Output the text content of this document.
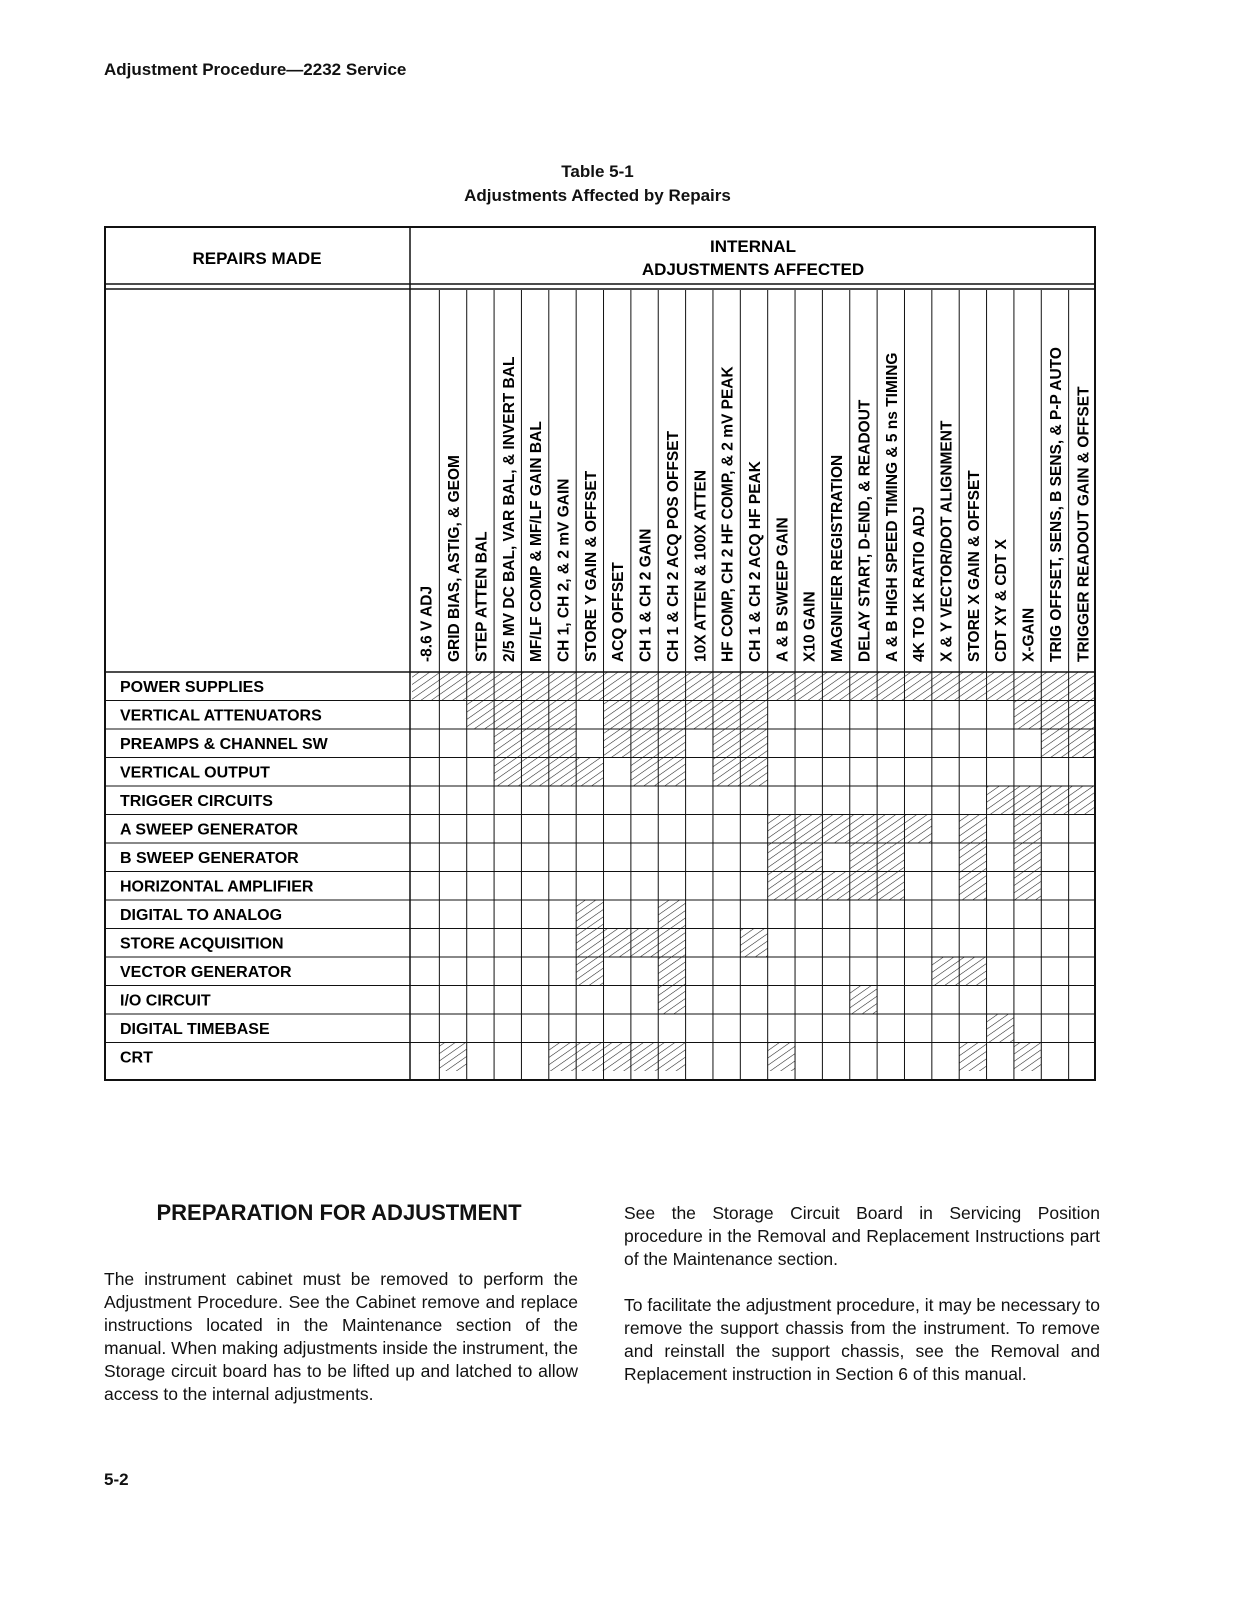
Adjustment Procedure—2232 Service
Table 5-1
Adjustments Affected by Repairs
REPAIRS MADE
INTERNAL
ADJUSTMENTS AFFECTED
-8.6 V ADJ GRID BIAS, ASTIG, & GEOM STEP ATTEN BAL 2/5 MV DC BAL, VAR BAL, & INVERT BAL MF/LF COMP & MF/LF GAIN BAL CH 1, CH 2, & 2 mV GAIN STORE Y GAIN & OFFSET ACQ OFFSET CH 1 & CH 2 GAIN CH 1 & CH 2 ACQ POS OFFSET 10X ATTEN & 100X ATTEN HF COMP, CH 2 HF COMP, & 2 mV PEAK CH 1 & CH 2 ACQ HF PEAK A & B SWEEP GAIN X10 GAIN MAGNIFIER REGISTRATION DELAY START, D-END, & READOUT A & B HIGH SPEED TIMING & 5 ns TIMING 4K TO 1K RATIO ADJ X & Y VECTOR/DOT ALIGNMENT STORE X GAIN & OFFSET CDT XY & CDT X X-GAIN TRIG OFFSET, SENS, B SENS, & P-P AUTO TRIGGER READOUT GAIN & OFFSET
POWER SUPPLIES
VERTICAL ATTENUATORS
PREAMPS & CHANNEL SW
VERTICAL OUTPUT
TRIGGER CIRCUITS
A SWEEP GENERATOR
B SWEEP GENERATOR
HORIZONTAL AMPLIFIER
DIGITAL TO ANALOG
STORE ACQUISITION
VECTOR GENERATOR
I/O CIRCUIT
DIGITAL TIMEBASE
CRT
PREPARATION FOR ADJUSTMENT
The instrument cabinet must be removed to perform the Adjustment Procedure. See the Cabinet remove and replace instructions located in the Maintenance section of the manual. When making adjustments inside the instrument, the Storage circuit board has to be lifted up and latched to allow access to the internal adjustments.
See the Storage Circuit Board in Servicing Position procedure in the Removal and Replacement Instructions part of the Maintenance section.
To facilitate the adjustment procedure, it may be necessary to remove the support chassis from the instrument. To remove and reinstall the support chassis, see the Removal and Replacement instruction in Section 6 of this manual.
5-2
